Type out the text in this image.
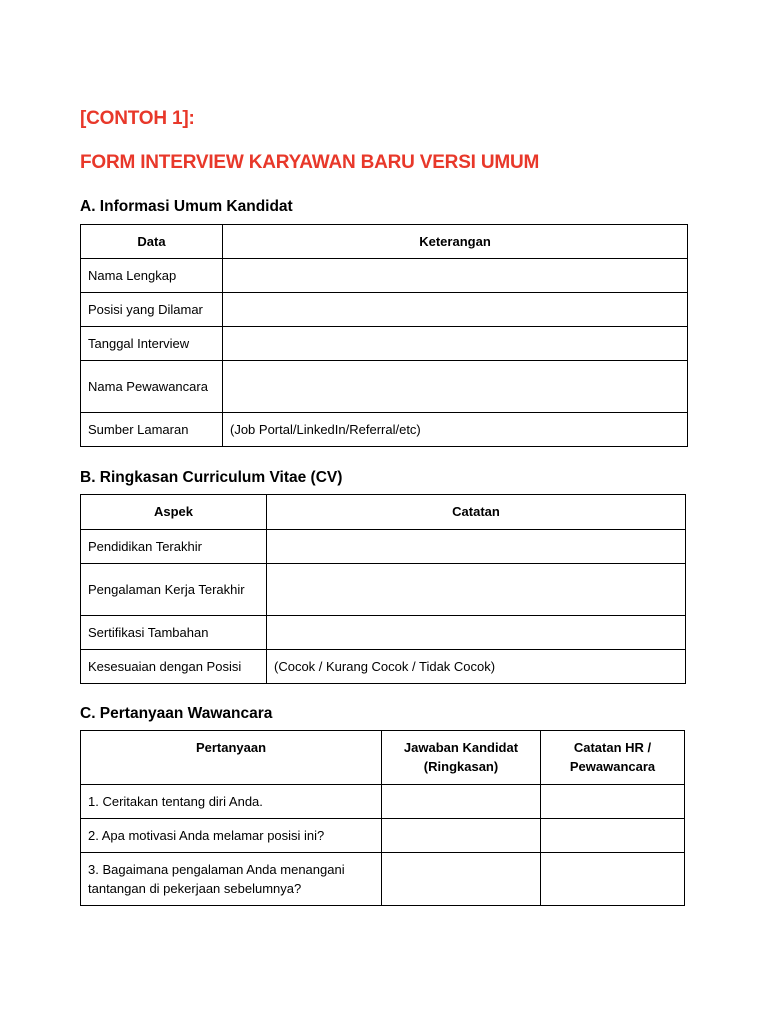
[CONTOH 1]:
FORM INTERVIEW KARYAWAN BARU VERSI UMUM
A. Informasi Umum Kandidat
Data	Keterangan
Nama Lengkap	
Posisi yang Dilamar	
Tanggal Interview	
Nama Pewawancara	
Sumber Lamaran	(Job Portal/LinkedIn/Referral/etc)
B. Ringkasan Curriculum Vitae (CV)
Aspek	Catatan
Pendidikan Terakhir	
Pengalaman Kerja Terakhir	
Sertifikasi Tambahan	
Kesesuaian dengan Posisi	(Cocok / Kurang Cocok / Tidak Cocok)
C. Pertanyaan Wawancara
Pertanyaan	Jawaban Kandidat (Ringkasan)	Catatan HR / Pewawancara
1. Ceritakan tentang diri Anda.		
2. Apa motivasi Anda melamar posisi ini?		
3. Bagaimana pengalaman Anda menangani tantangan di pekerjaan sebelumnya?		
